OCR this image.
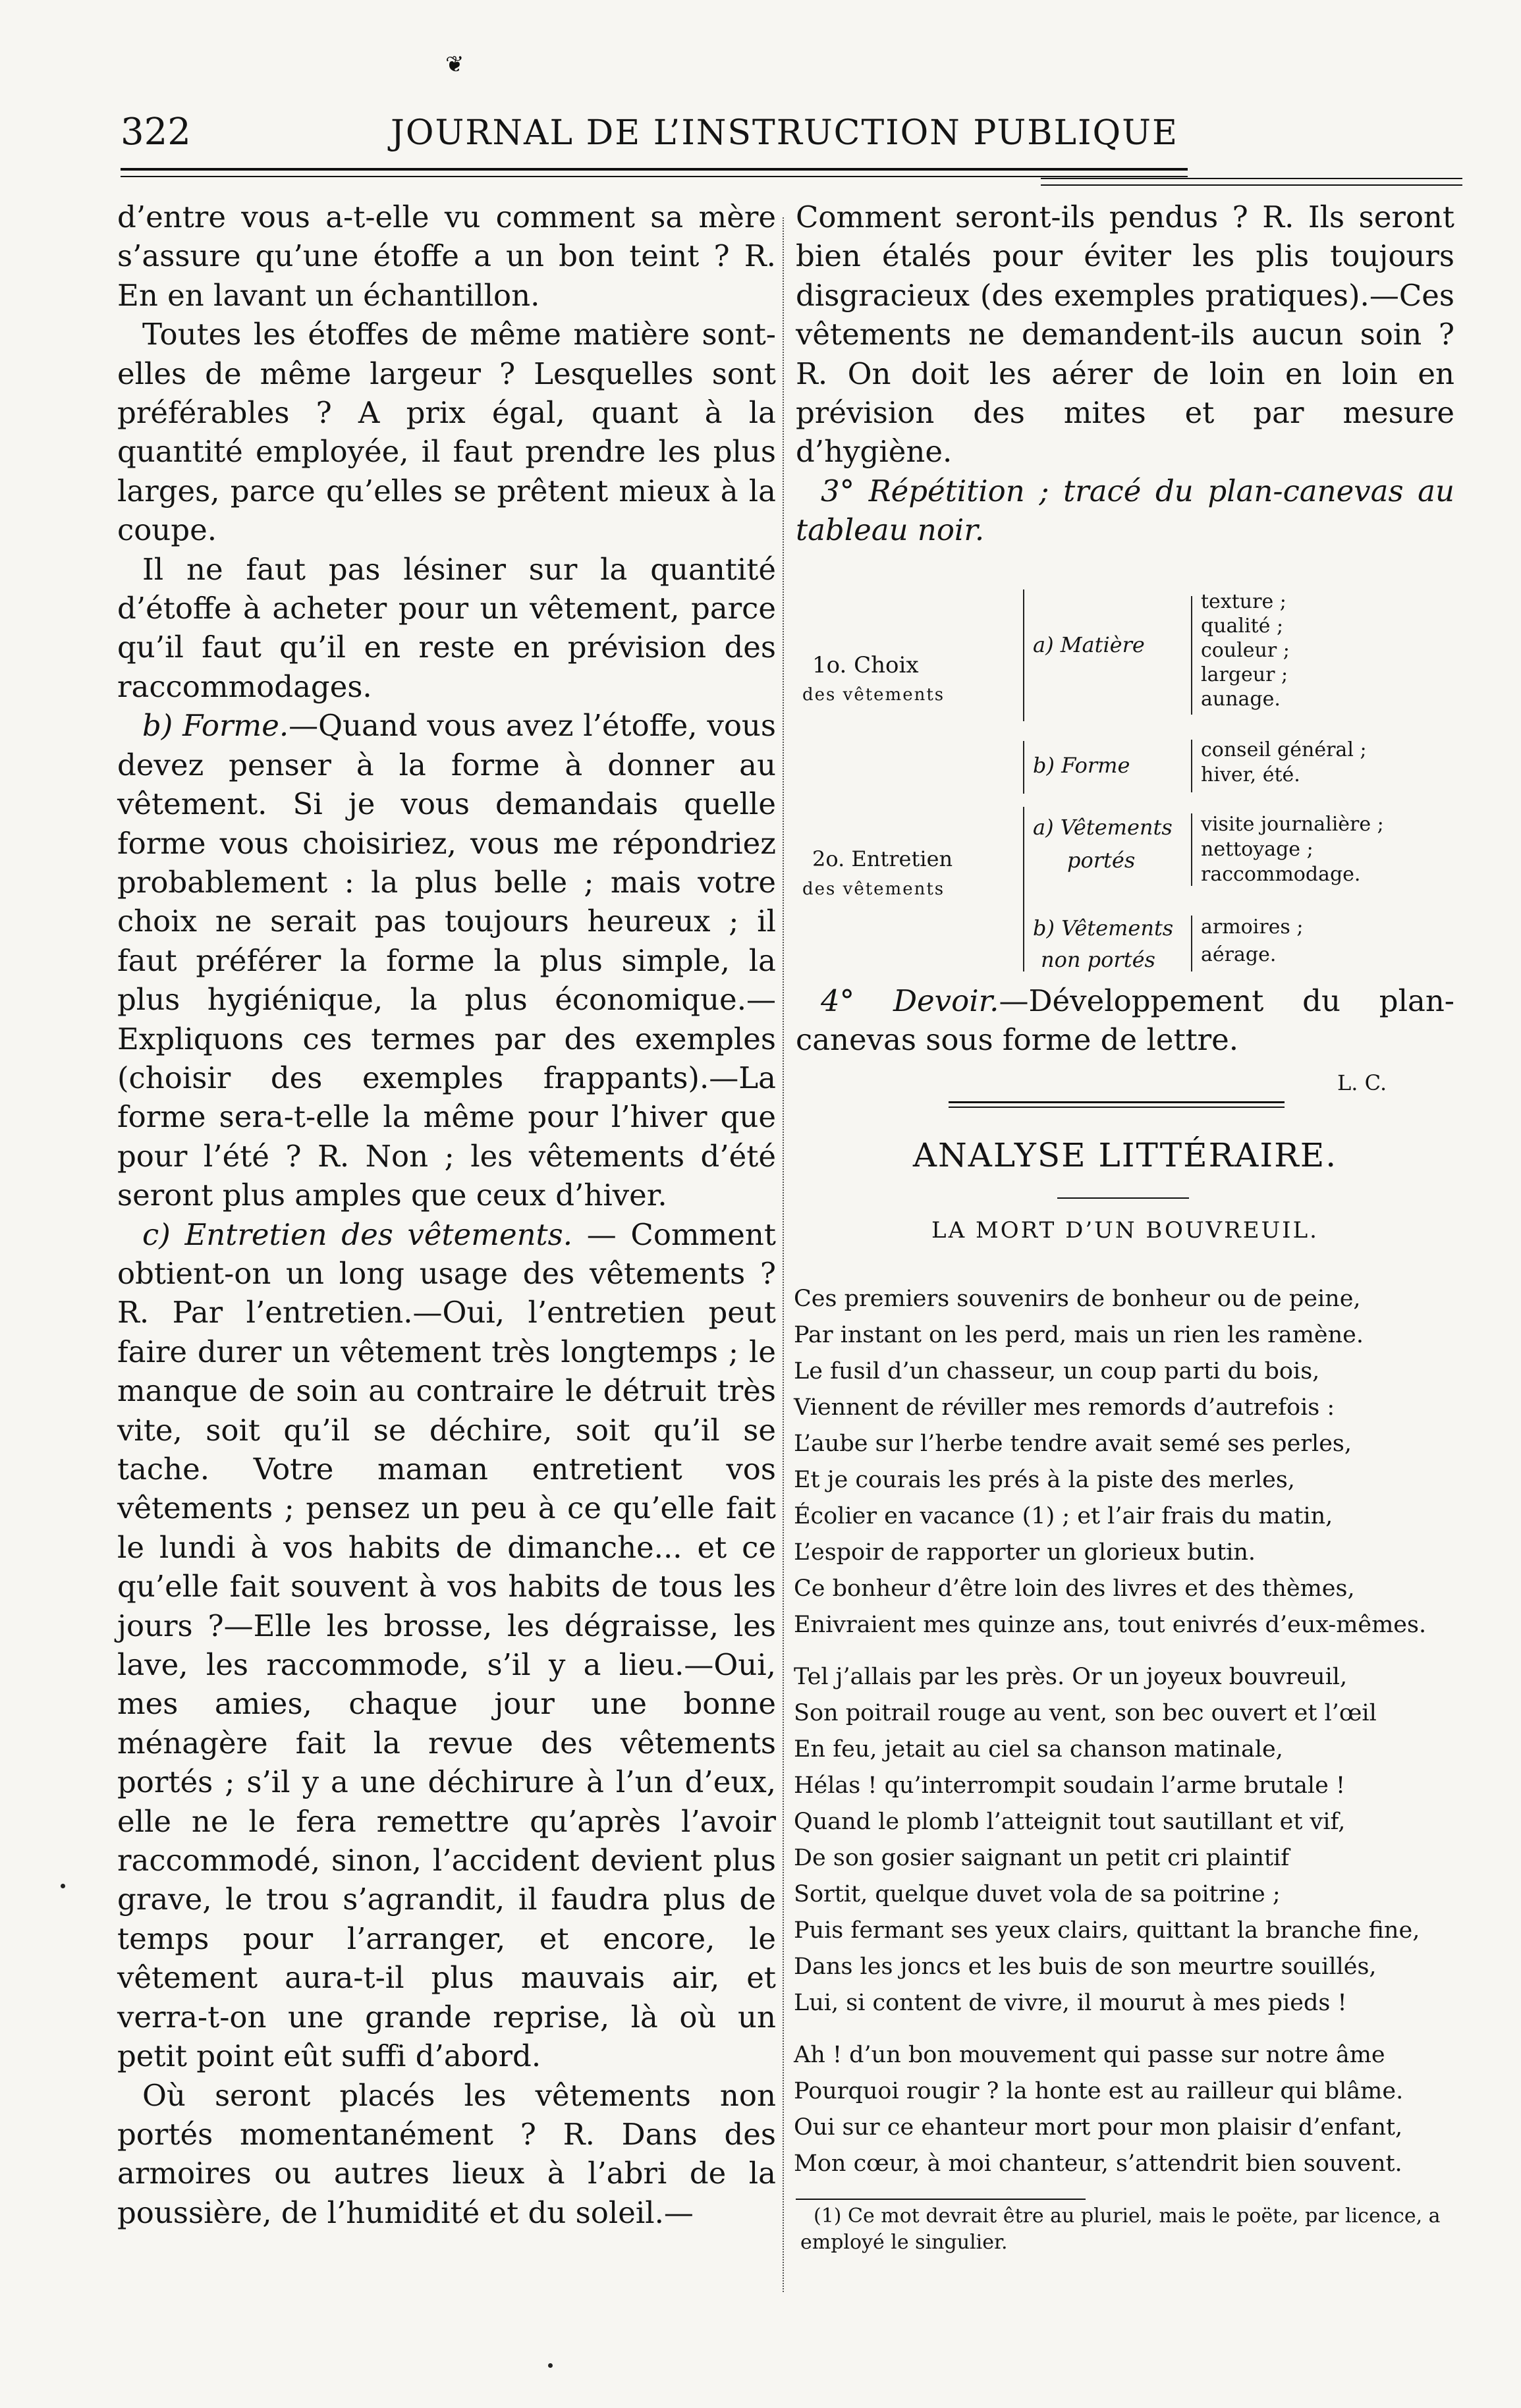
❦
322	JOURNAL DE L’INSTRUCTION PUBLIQUE

d’entre vous a-t-elle vu comment sa mère s’assure qu’une étoffe a un bon teint ? R. En en lavant un échantillon.

Toutes les étoffes de même matière sont-elles de même largeur ? Lesquelles sont préférables ? A prix égal, quant à la quantité employée, il faut prendre les plus larges, parce qu’elles se prêtent mieux à la coupe.

Il ne faut pas lésiner sur la quantité d’étoffe à acheter pour un vêtement, parce qu’il faut qu’il en reste en prévision des raccommodages.

b) Forme.—Quand vous avez l’étoffe, vous devez penser à la forme à donner au vêtement. Si je vous demandais quelle forme vous choisiriez, vous me répondriez probablement : la plus belle ; mais votre choix ne serait pas toujours heureux ; il faut préférer la forme la plus simple, la plus hygiénique, la plus économique.—Expliquons ces termes par des exemples (choisir des exemples frappants).—La forme sera-t-elle la même pour l’hiver que pour l’été ? R. Non ; les vêtements d’été seront plus amples que ceux d’hiver.

c) Entretien des vêtements. — Comment obtient-on un long usage des vêtements ? R. Par l’entretien.—Oui, l’entretien peut faire durer un vêtement très longtemps ; le manque de soin au contraire le détruit très vite, soit qu’il se déchire, soit qu’il se tache. Votre maman entretient vos vêtements ; pensez un peu à ce qu’elle fait le lundi à vos habits de dimanche... et ce qu’elle fait souvent à vos habits de tous les jours ?—Elle les brosse, les dégraisse, les lave, les raccommode, s’il y a lieu.—Oui, mes amies, chaque jour une bonne ménagère fait la revue des vêtements portés ; s’il y a une déchirure à l’un d’eux, elle ne le fera remettre qu’après l’avoir raccommodé, sinon, l’accident devient plus grave, le trou s’agrandit, il faudra plus de temps pour l’arranger, et encore, le vêtement aura-t-il plus mauvais air, et verra-t-on une grande reprise, là où un petit point eût suffi d’abord.

Où seront placés les vêtements non portés momentanément ? R. Dans des armoires ou autres lieux à l’abri de la poussière, de l’humidité et du soleil.—

Comment seront-ils pendus ? R. Ils seront bien étalés pour éviter les plis toujours disgracieux (des exemples pratiques).—Ces vêtements ne demandent-ils aucun soin ? R. On doit les aérer de loin en loin en prévision des mites et par mesure d’hygiène.

3° Répétition ; tracé du plan-canevas au tableau noir.

1o. Choix
des vêtements
a) Matière
texture ;
qualité ;
couleur ;
largeur ;
aunage.
b) Forme
conseil général ;
hiver, été.
2o. Entretien
des vêtements
a) Vêtements
portés
visite journalière ;
nettoyage ;
raccommodage.
b) Vêtements
non portés
armoires ;
aérage.

4° Devoir.—Développement du plan-canevas sous forme de lettre.

L. C.
ANALYSE LITTÉRAIRE.
LA MORT D’UN BOUVREUIL.
Ces premiers souvenirs de bonheur ou de peine,
Par instant on les perd, mais un rien les ramène.
Le fusil d’un chasseur, un coup parti du bois,
Viennent de réviller mes remords d’autrefois :
L’aube sur l’herbe tendre avait semé ses perles,
Et je courais les prés à la piste des merles,
Écolier en vacance (1) ; et l’air frais du matin,
L’espoir de rapporter un glorieux butin.
Ce bonheur d’être loin des livres et des thèmes,
Enivraient mes quinze ans, tout enivrés d’eux-mêmes.
Tel j’allais par les près. Or un joyeux bouvreuil,
Son poitrail rouge au vent, son bec ouvert et l’œil
En feu, jetait au ciel sa chanson matinale,
Hélas ! qu’interrompit soudain l’arme brutale !
Quand le plomb l’atteignit tout sautillant et vif,
De son gosier saignant un petit cri plaintif
Sortit, quelque duvet vola de sa poitrine ;
Puis fermant ses yeux clairs, quittant la branche fine,
Dans les joncs et les buis de son meurtre souillés,
Lui, si content de vivre, il mourut à mes pieds !
Ah ! d’un bon mouvement qui passe sur notre âme
Pourquoi rougir ? la honte est au railleur qui blâme.
Oui sur ce ehanteur mort pour mon plaisir d’enfant,
Mon cœur, à moi chanteur, s’attendrit bien souvent.
(1) Ce mot devrait être au pluriel, mais le poëte, par licence, a employé le singulier.
